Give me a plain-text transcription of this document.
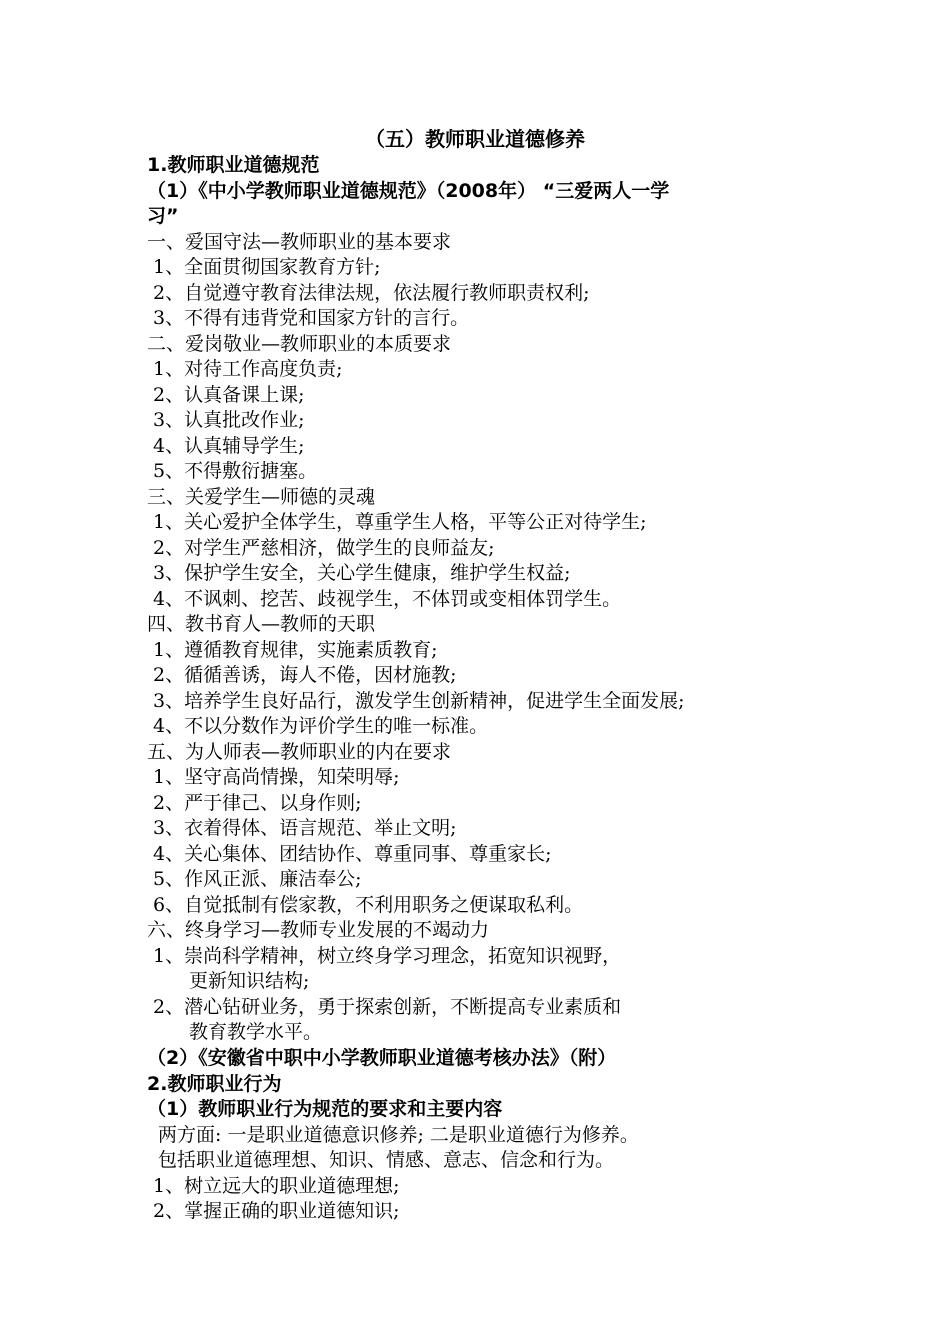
（五）教师职业道德修养
1.教师职业道德规范
（1）《中小学教师职业道德规范》（2008年） “三爱两人一学
习”
一、爱国守法—教师职业的基本要求
1、全面贯彻国家教育方针;
2、自觉遵守教育法律法规，依法履行教师职责权利;
3、不得有违背党和国家方针的言行。
二、爱岗敬业—教师职业的本质要求
1、对待工作高度负责;
2、认真备课上课;
3、认真批改作业;
4、认真辅导学生;
5、不得敷衍搪塞。
三、关爱学生—师德的灵魂
1、关心爱护全体学生，尊重学生人格，平等公正对待学生;
2、对学生严慈相济，做学生的良师益友;
3、保护学生安全，关心学生健康，维护学生权益;
4、不讽刺、挖苦、歧视学生，不体罚或变相体罚学生。
四、教书育人—教师的天职
1、遵循教育规律，实施素质教育;
2、循循善诱，诲人不倦，因材施教;
3、培养学生良好品行，激发学生创新精神，促进学生全面发展;
4、不以分数作为评价学生的唯一标准。
五、为人师表—教师职业的内在要求
1、坚守高尚情操，知荣明辱;
2、严于律己、以身作则;
3、衣着得体、语言规范、举止文明;
4、关心集体、团结协作、尊重同事、尊重家长;
5、作风正派、廉洁奉公;
6、自觉抵制有偿家教，不利用职务之便谋取私利。
六、终身学习—教师专业发展的不竭动力
1、崇尚科学精神，树立终身学习理念，拓宽知识视野，
更新知识结构;
2、潜心钻研业务，勇于探索创新，不断提高专业素质和
教育教学水平。
（2）《安徽省中职中小学教师职业道德考核办法》（附）
2.教师职业行为
（1）教师职业行为规范的要求和主要内容
两方面: 一是职业道德意识修养; 二是职业道德行为修养。
包括职业道德理想、知识、情感、意志、信念和行为。
1、树立远大的职业道德理想;
2、掌握正确的职业道德知识;
